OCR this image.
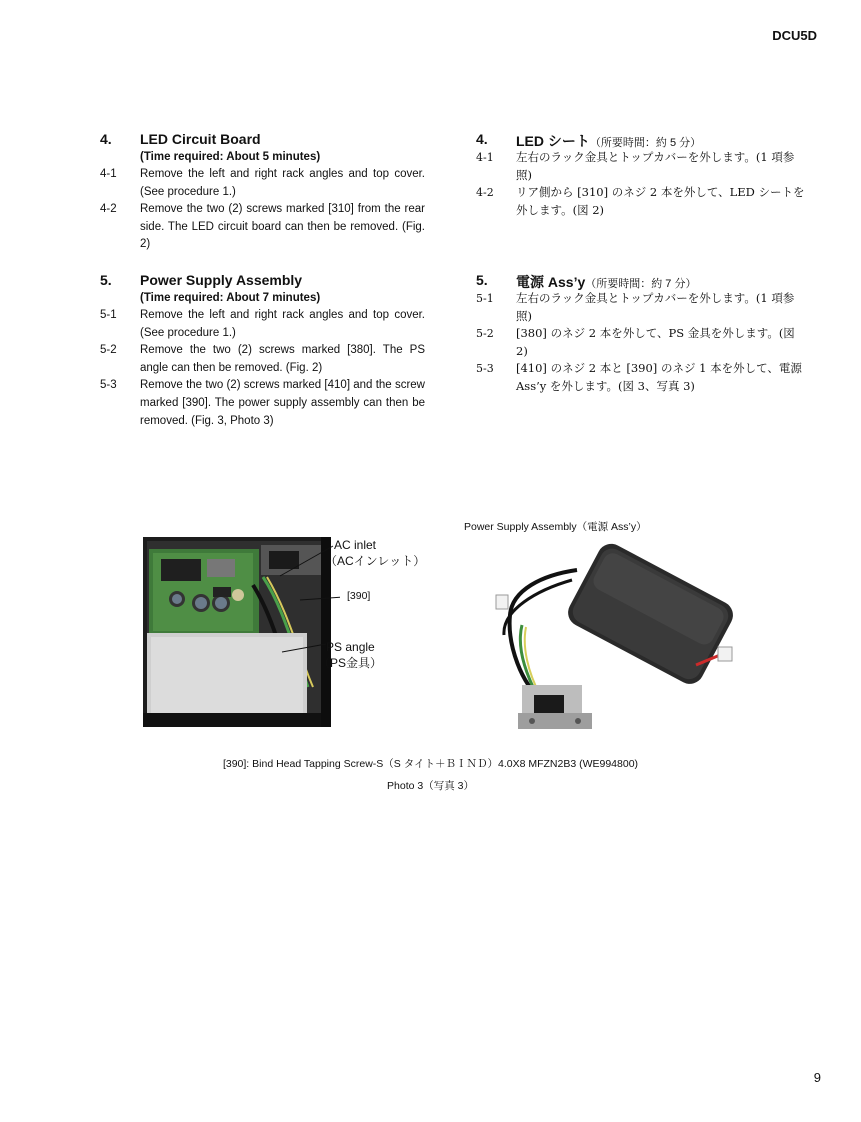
DCU5D
9
4. LED Circuit Board
(Time required: About 5 minutes)
4-1 Remove the left and right rack angles and top cover. (See procedure 1.)
4-2 Remove the two (2) screws marked [310] from the rear side. The LED circuit board can then be removed. (Fig. 2)
5. Power Supply Assembly
(Time required: About 7 minutes)
5-1 Remove the left and right rack angles and top cover. (See procedure 1.)
5-2 Remove the two (2) screws marked [380]. The PS angle can then be removed. (Fig. 2)
5-3 Remove the two (2) screws marked [410] and the screw marked [390]. The power supply assembly can then be removed. (Fig. 3, Photo 3)
4. LED シート（所要時間：約 5 分）
4-1 左右のラック金具とトップカバーを外します。(1 項参照)
4-2 リア側から [310] のネジ 2 本を外して、LED シートを外します。(図 2)
5. 電源 Ass’y（所要時間：約 7 分）
5-1 左右のラック金具とトップカバーを外します。(1 項参照)
5-2 [380] のネジ 2 本を外して、PS 金具を外します。(図 2)
5-3 [410] のネジ 2 本と [390] のネジ 1 本を外して、電源 Ass’y を外します。(図 3、写真 3)
AC inlet
（ACインレット）
[390]
PS angle
（PS金具）
Power Supply Assembly（電源 Ass’y）
[390]: Bind Head Tapping Screw-S（S タイト＋ＢＩＮＤ）4.0X8 MFZN2B3 (WE994800)
Photo 3（写真 3）
